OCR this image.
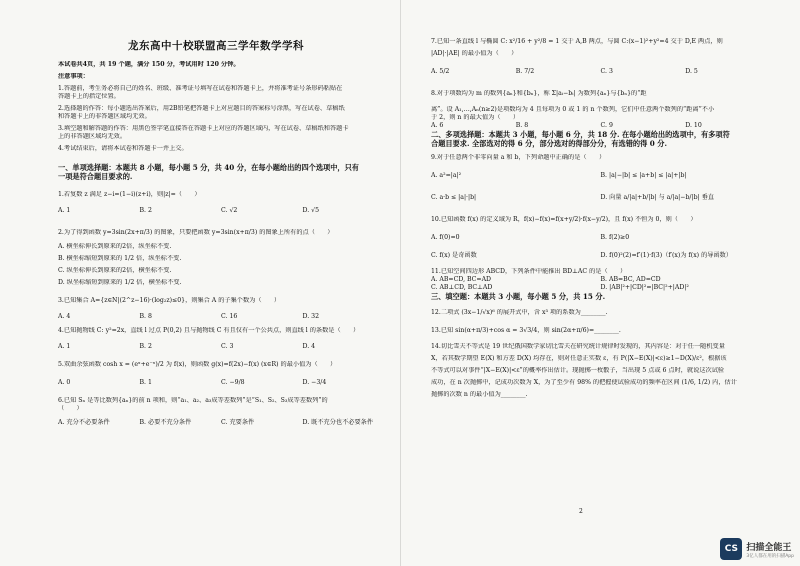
龙东高中十校联盟高三学年数学学科
本试卷共4页，共 19 个题，满分 150 分，考试用时 120 分钟。
注意事项：
1.答题前，考生务必将自己的姓名、班级、准考证号填写在试卷和答题卡上，并将准考证号条形码粘贴在
答题卡上的指定位置。
2.选择题的作答：每小题选出答案后，用2B铅笔把答题卡上对应题目的答案标号涂黑，写在试卷、草稿纸
和答题卡上的非答题区域均无效。
3.填空题和解答题的作答：用黑色签字笔直接答在答题卡上对应的答题区域内，写在试卷、草稿纸和答题卡
上的非答题区域均无效。
4.考试结束后，请将本试卷和答题卡一并上交。
一、单项选择题：本题共 8 小题，每小题 5 分，共 40 分，在每小题给出的四个选项中，只有
一项是符合题目要求的.
1.若复数 z 满足 z−i=(1−i)(z+i)，则|z|=（　　）
A. 1	B. 2	C. √2	D. √5
2.为了得到函数 y=3sin(2x+π/3) 的图象，只要把函数 y=3sin(x+π/3) 的图象上所有的点（　　）
A. 横坐标伸长到原来的2倍，纵坐标不变.
B. 横坐标缩短到原来的 1/2 倍，纵坐标不变.
C. 纵坐标伸长到原来的2倍，横坐标不变.
D. 纵坐标缩短到原来的 1/2 倍，横坐标不变.
3.已知集合 A={z∈N|(2^z−16)·(log₂z)≤0}，则集合 A 的子集个数为（　　）
A. 4	B. 8	C. 16	D. 32
4.已知抛物线 C: y²=2x，直线 l 过点 P(0,2) 且与抛物线 C 有且仅有一个公共点，则直线 l 的条数是（　　）
A. 1	B. 2	C. 3	D. 4
5.双曲余弦函数 cosh x = (eˣ+e⁻ˣ)/2 为 f(x)，则函数 g(x)=f(2x)−f(x) (x∈R) 的最小值为（　　）
A. 0	B. 1	C. −9/8	D. −3/4
6.已知 Sₙ 是等比数列{aₙ}的前 n 项和，则“a₁、a₂、a₃成等差数列”是“S₁、S₂、S₃成等差数列”的
（　　）
A. 充分不必要条件	B. 必要不充分条件	C. 充要条件	D. 既不充分也不必要条件
7.已知一条直线 l 与椭圆 C: x²/16 + y²/8 = 1 交于 A,B 两点，与圆 C:(x−1)²+y²=4 交于 D,E 两点，则
|AD|·|AE| 的最小值为（　　）
A. 5/2	B. 7/2	C. 3	D. 5
8.对于项数均为 m 的数列{aₙ}和{bₙ}，称 Σ|aᵢ−bᵢ| 为数列{aₙ}与{bₙ}的“距
离”。设 A₁,…,Aₙ(n≥2)是项数均为 4 且每项为 0 或 1 的 n 个数列，它们中任意两个数列的“距离”不小
于 2，则 n 的最大值为（　　）
A. 6	B. 8	C. 9	D. 10
二、多项选择题：本题共 3 小题，每小题 6 分，共 18 分. 在每小题给出的选项中，有多项符
合题目要求. 全部选对的得 6 分，部分选对的得部分分，有选错的得 0 分.
9.对于任意两个非零向量 a 和 b，下列命题中正确的是（　　）
A. a²=|a|²	B. |a|−|b| ≤ |a+b| ≤ |a|+|b|
C. a·b ≤ |a|·|b|	D. 向量 a/|a|+b/|b| 与 a/|a|−b/|b| 垂直
10.已知函数 f(x) 的定义域为 R，f(x)−f(x)=f(x+y/2)·f(x−y/2)，且 f(x) 不恒为 0，则（　　）
A. f(0)=0	B. f(2)≥0
C. f(x) 是奇函数	D. f(0)²(2)=f′(1)·f(3)（f′(x)为 f(x) 的导函数）
11.已知空间四边形 ABCD，下列条件中能推出 BD⊥AC 的是（　　）
A. AB=CD, BC=AD	B. AB=BC, AD=CD
C. AB⊥CD, BC⊥AD	D. |AB|²+|CD|²=|BC|²+|AD|²
三、填空题：本题共 3 小题，每小题 5 分，共 15 分.
12.二项式 (3x−1/√x)⁶ 的展开式中，含 x³ 项的系数为________.
13.已知 sin(α+π/3)+cos α = 3√3/4，则 sin(2α+π/6)=________.
14.切比雪夫不等式是 19 世纪俄国数学家切比雪夫在研究统计规律时发现的，其内容是：对于任一随机变量
X，若其数学期望 E(X) 和方差 D(X) 均存在，则对任意正实数 ε，有 P(|X−E(X)|<ε)≥1−D(X)/ε²，根据该
不等式可以对事件“|X−E(X)|<ε”的概率作出估计。现抛掷一枚骰子，当出现 5 点或 6 点时，就说这次试验
成功，在 n 次抛掷中，记成功次数为 X，为了至少有 98% 的把握使试验成功的频率在区间 (1/6, 1/2) 内，估计
抛掷的次数 n 的最小值为________.
2
CS 扫描全能王
3亿人都在用的扫描App
